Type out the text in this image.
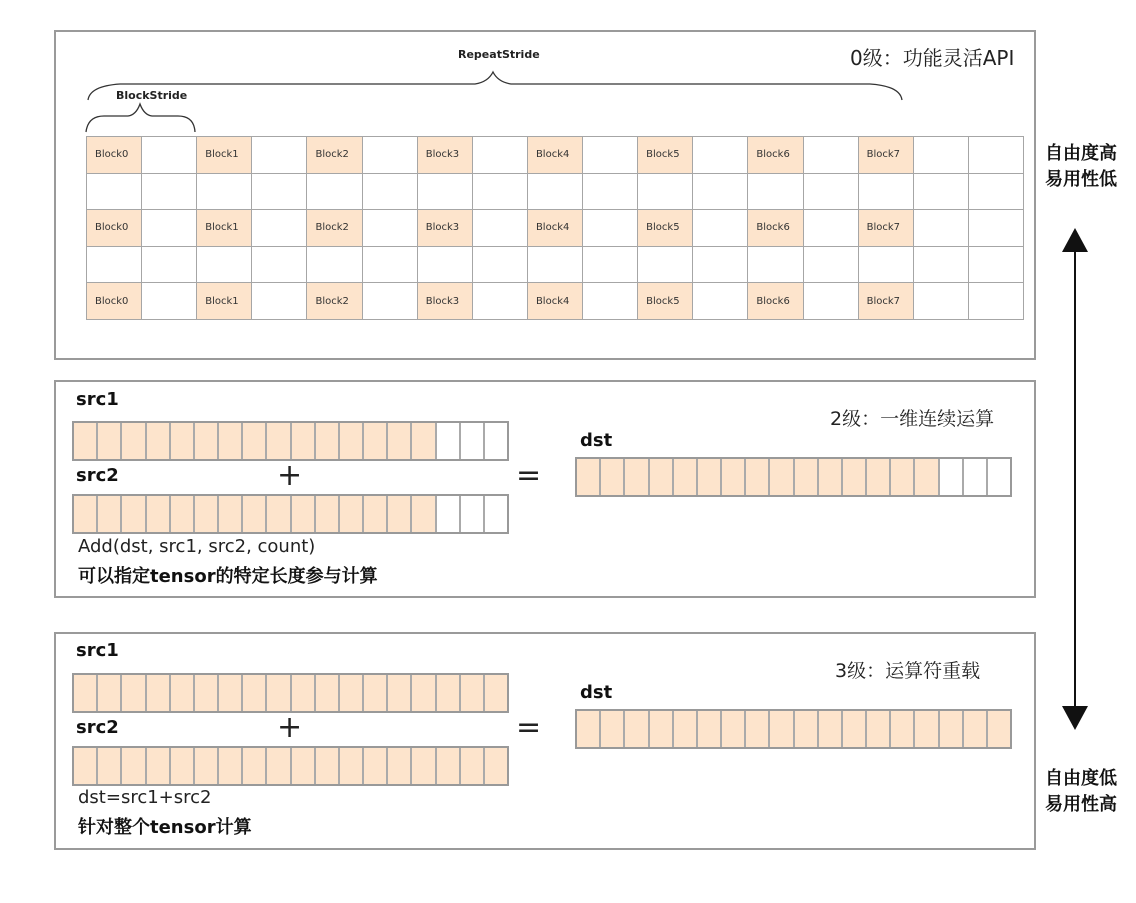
0级：功能灵活API
RepeatStride
BlockStride
Block0	Block1	Block2	Block3	Block4	Block5	Block6	Block7
Block0	Block1	Block2	Block3	Block4	Block5	Block6	Block7
Block0	Block1	Block2	Block3	Block4	Block5	Block6	Block7
src1
2级：一维连续运算
src2	+	=
dst
Add(dst, src1, src2, count)
可以指定tensor的特定长度参与计算
src1
3级：运算符重载
src2	+	=
dst
dst=src1+src2
针对整个tensor计算
自由度高
易用性低
自由度低
易用性高
